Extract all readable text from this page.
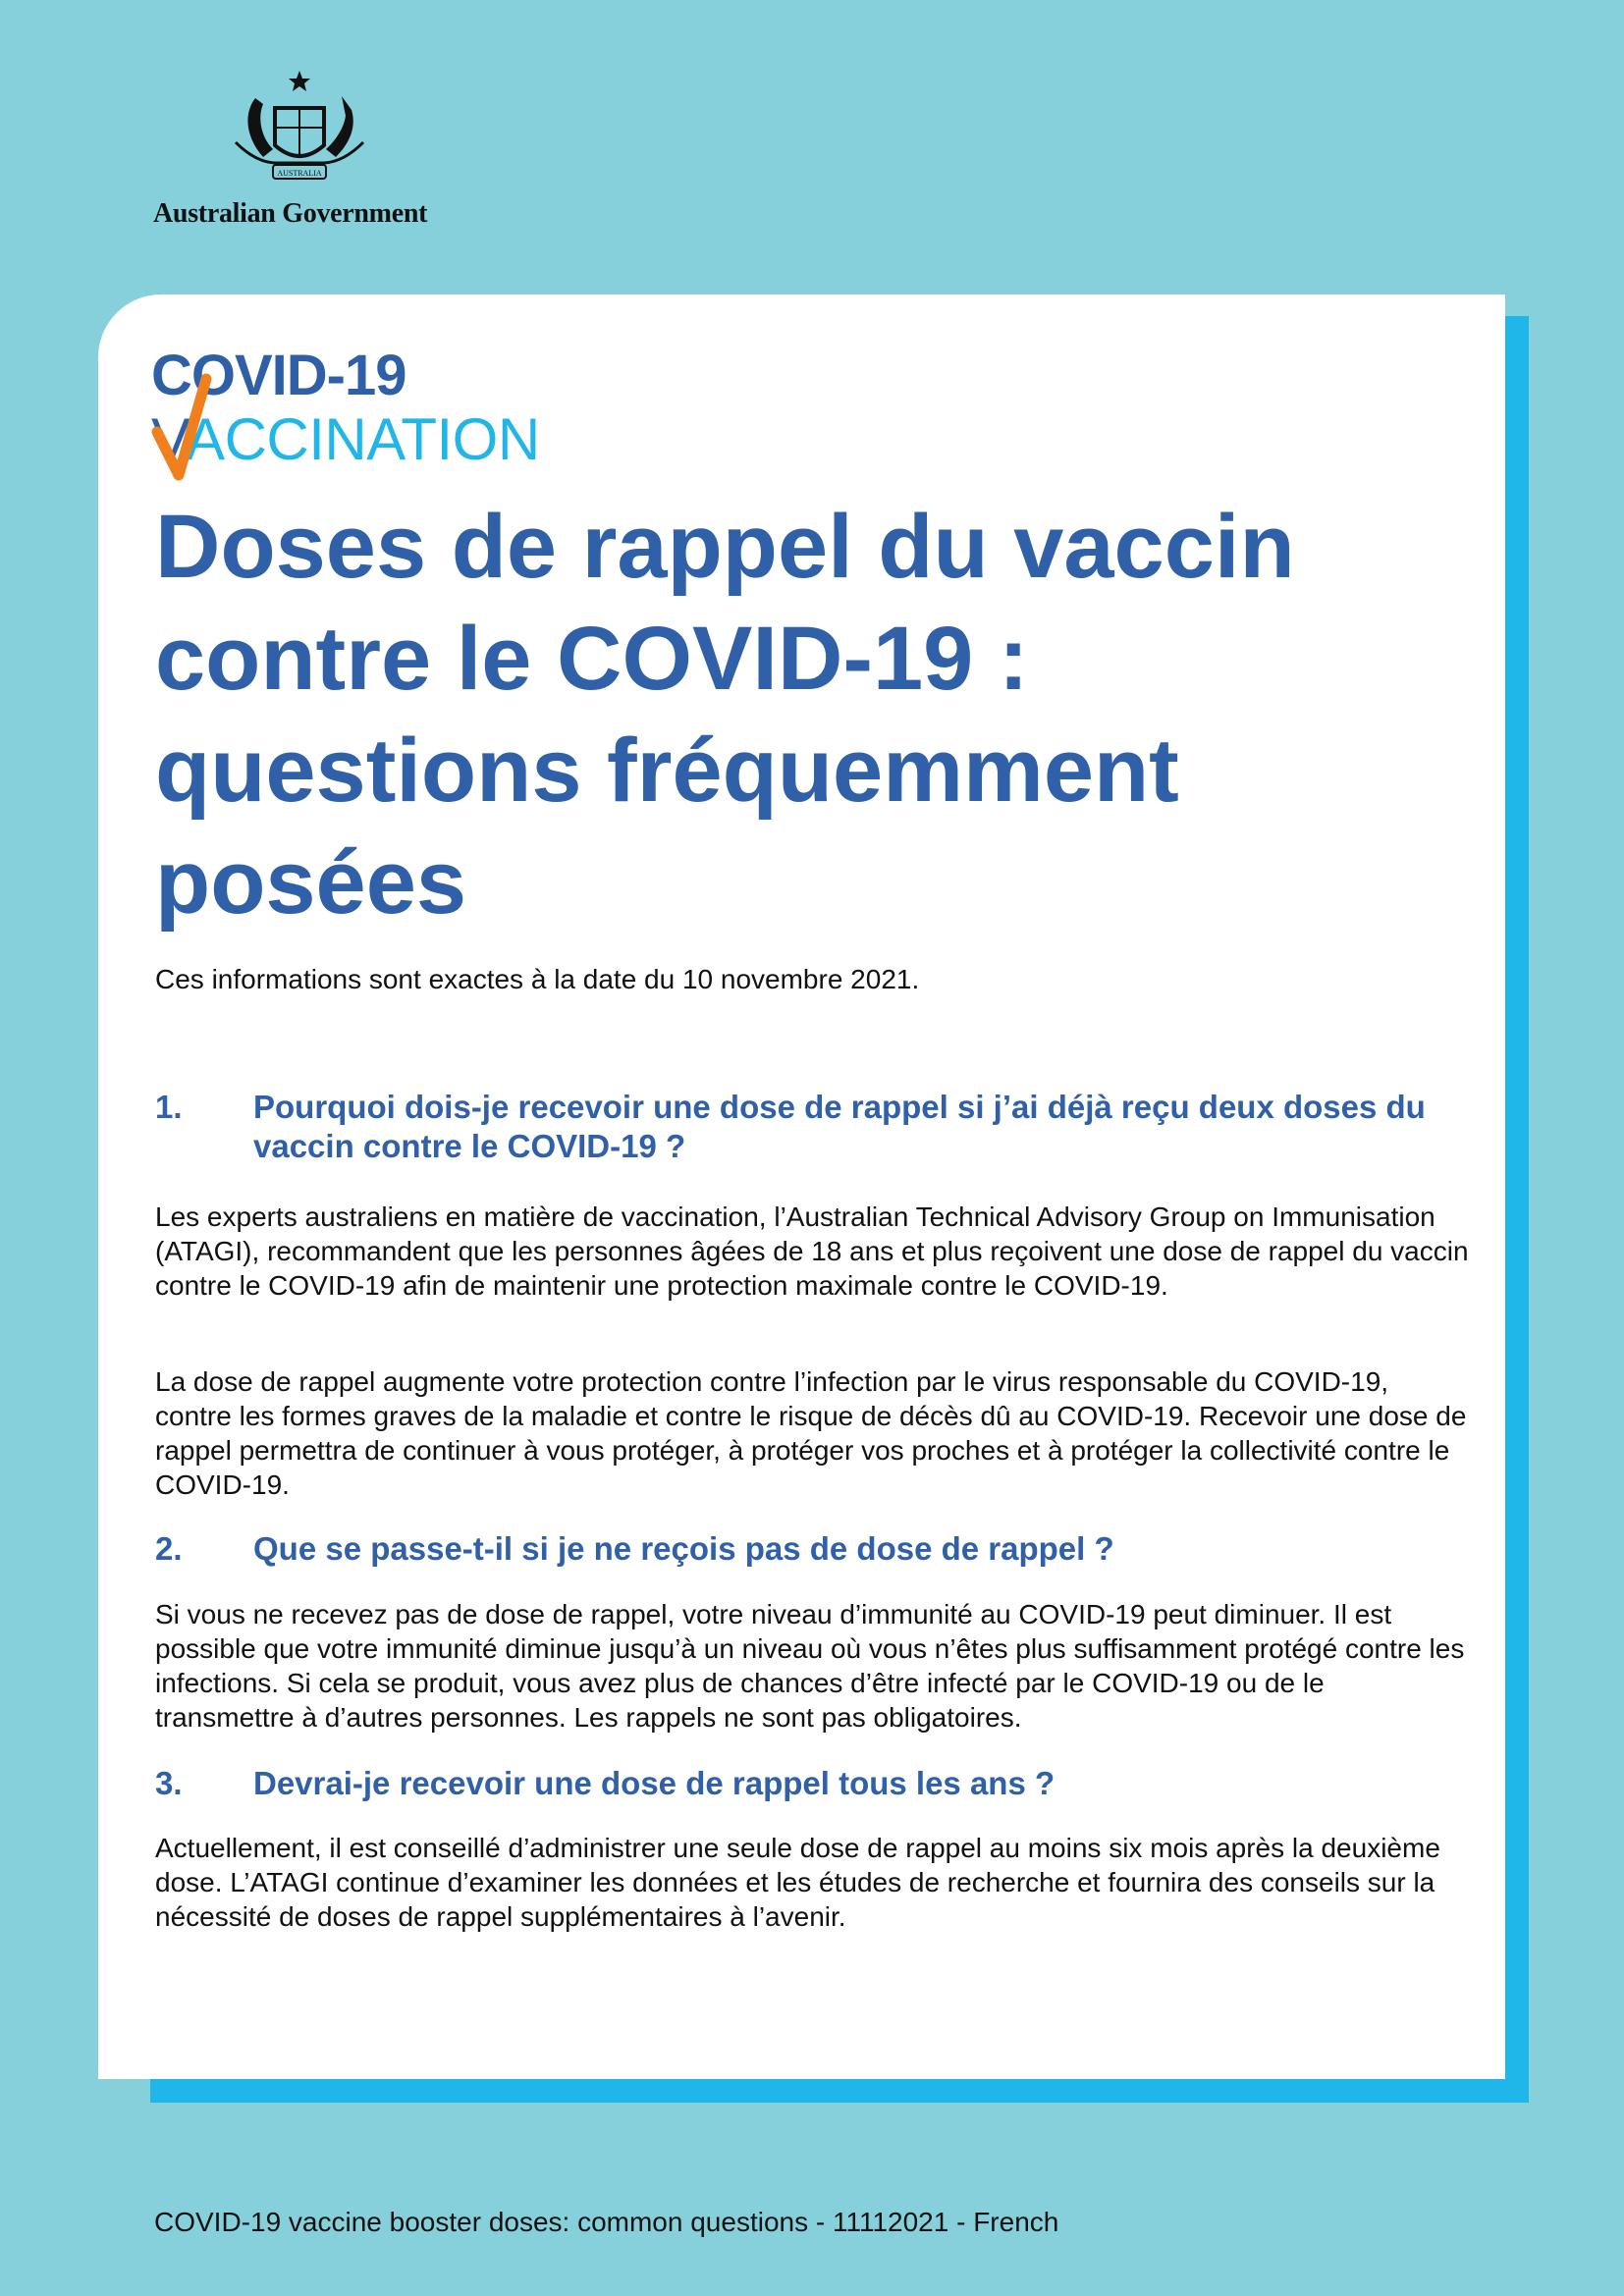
AUSTRALIA
Australian Government
COVID-19
VACCINATION
Doses de rappel du vaccin contre le COVID-19 : questions fréquemment posées

Ces informations sont exactes à la date du 10 novembre 2021.

1. Pourquoi dois-je recevoir une dose de rappel si j’ai déjà reçu deux doses du vaccin contre le COVID-19 ?

Les experts australiens en matière de vaccination, l’Australian Technical Advisory Group on Immunisation (ATAGI), recommandent que les personnes âgées de 18 ans et plus reçoivent une dose de rappel du vaccin contre le COVID-19 afin de maintenir une protection maximale contre le COVID-19.

La dose de rappel augmente votre protection contre l’infection par le virus responsable du COVID-19, contre les formes graves de la maladie et contre le risque de décès dû au COVID-19. Recevoir une dose de rappel permettra de continuer à vous protéger, à protéger vos proches et à protéger la collectivité contre le COVID-19.

2. Que se passe-t-il si je ne reçois pas de dose de rappel ?

Si vous ne recevez pas de dose de rappel, votre niveau d’immunité au COVID-19 peut diminuer. Il est possible que votre immunité diminue jusqu’à un niveau où vous n’êtes plus suffisamment protégé contre les infections. Si cela se produit, vous avez plus de chances d’être infecté par le COVID-19 ou de le transmettre à d’autres personnes. Les rappels ne sont pas obligatoires.

3. Devrai-je recevoir une dose de rappel tous les ans ?

Actuellement, il est conseillé d’administrer une seule dose de rappel au moins six mois après la deuxième dose. L’ATAGI continue d’examiner les données et les études de recherche et fournira des conseils sur la nécessité de doses de rappel supplémentaires à l’avenir.

COVID-19 vaccine booster doses: common questions - 11112021 - French
